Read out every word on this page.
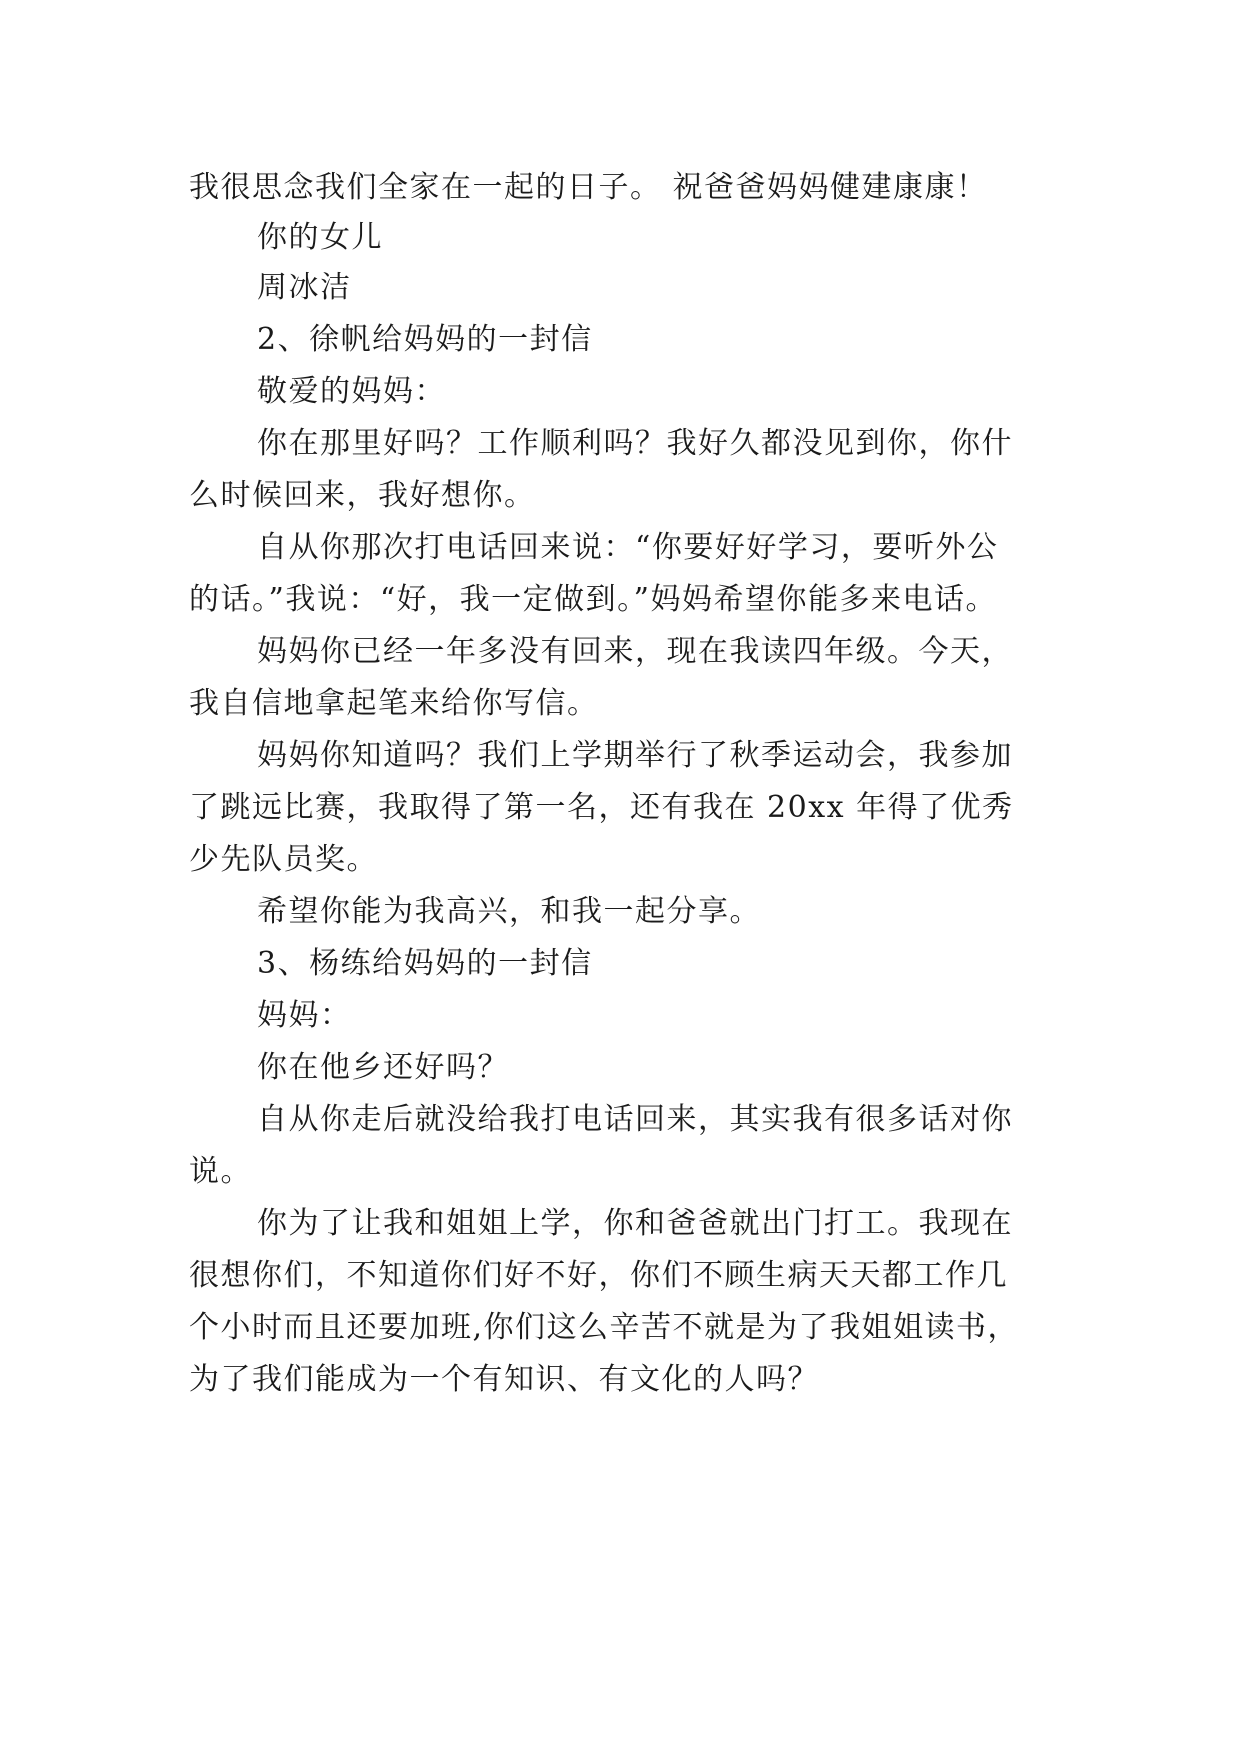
我很思念我们全家在一起的日子。 祝爸爸妈妈健建康康！
你的女儿
周冰洁
2、徐帆给妈妈的一封信
敬爱的妈妈：
你在那里好吗？工作顺利吗？我好久都没见到你，你什
么时候回来，我好想你。
自从你那次打电话回来说：“你要好好学习，要听外公
的话。”我说：“好，我一定做到。”妈妈希望你能多来电话。
妈妈你已经一年多没有回来，现在我读四年级。今天，
我自信地拿起笔来给你写信。
妈妈你知道吗？我们上学期举行了秋季运动会，我参加
了跳远比赛，我取得了第一名，还有我在 20xx 年得了优秀
少先队员奖。
希望你能为我高兴，和我一起分享。
3、杨练给妈妈的一封信
妈妈：
你在他乡还好吗？
自从你走后就没给我打电话回来，其实我有很多话对你
说。
你为了让我和姐姐上学，你和爸爸就出门打工。我现在
很想你们，不知道你们好不好，你们不顾生病天天都工作几
个小时而且还要加班,你们这么辛苦不就是为了我姐姐读书，
为了我们能成为一个有知识、有文化的人吗？
